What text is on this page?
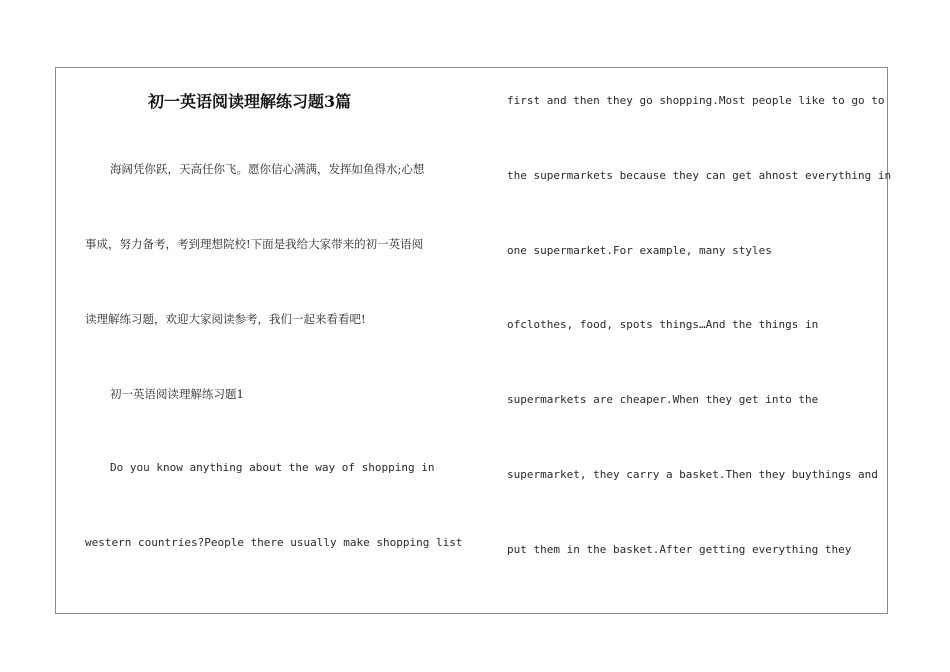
初一英语阅读理解练习题3篇
海阔凭你跃，天高任你飞。愿你信心满满，发挥如鱼得水;心想
事成，努力备考，考到理想院校!下面是我给大家带来的初一英语阅
读理解练习题，欢迎大家阅读参考，我们一起来看看吧!
初一英语阅读理解练习题1
Do you know anything about the way of shopping in
western countries?People there usually make shopping list
first and then they go shopping.Most people like to go to
the supermarkets because they can get ahnost everything in
one supermarket.For example, many styles
ofclothes, food, spots things…And the things in
supermarkets are cheaper.When they get into the
supermarket, they carry a basket.Then they buythings and
put them in the basket.After getting everything they
